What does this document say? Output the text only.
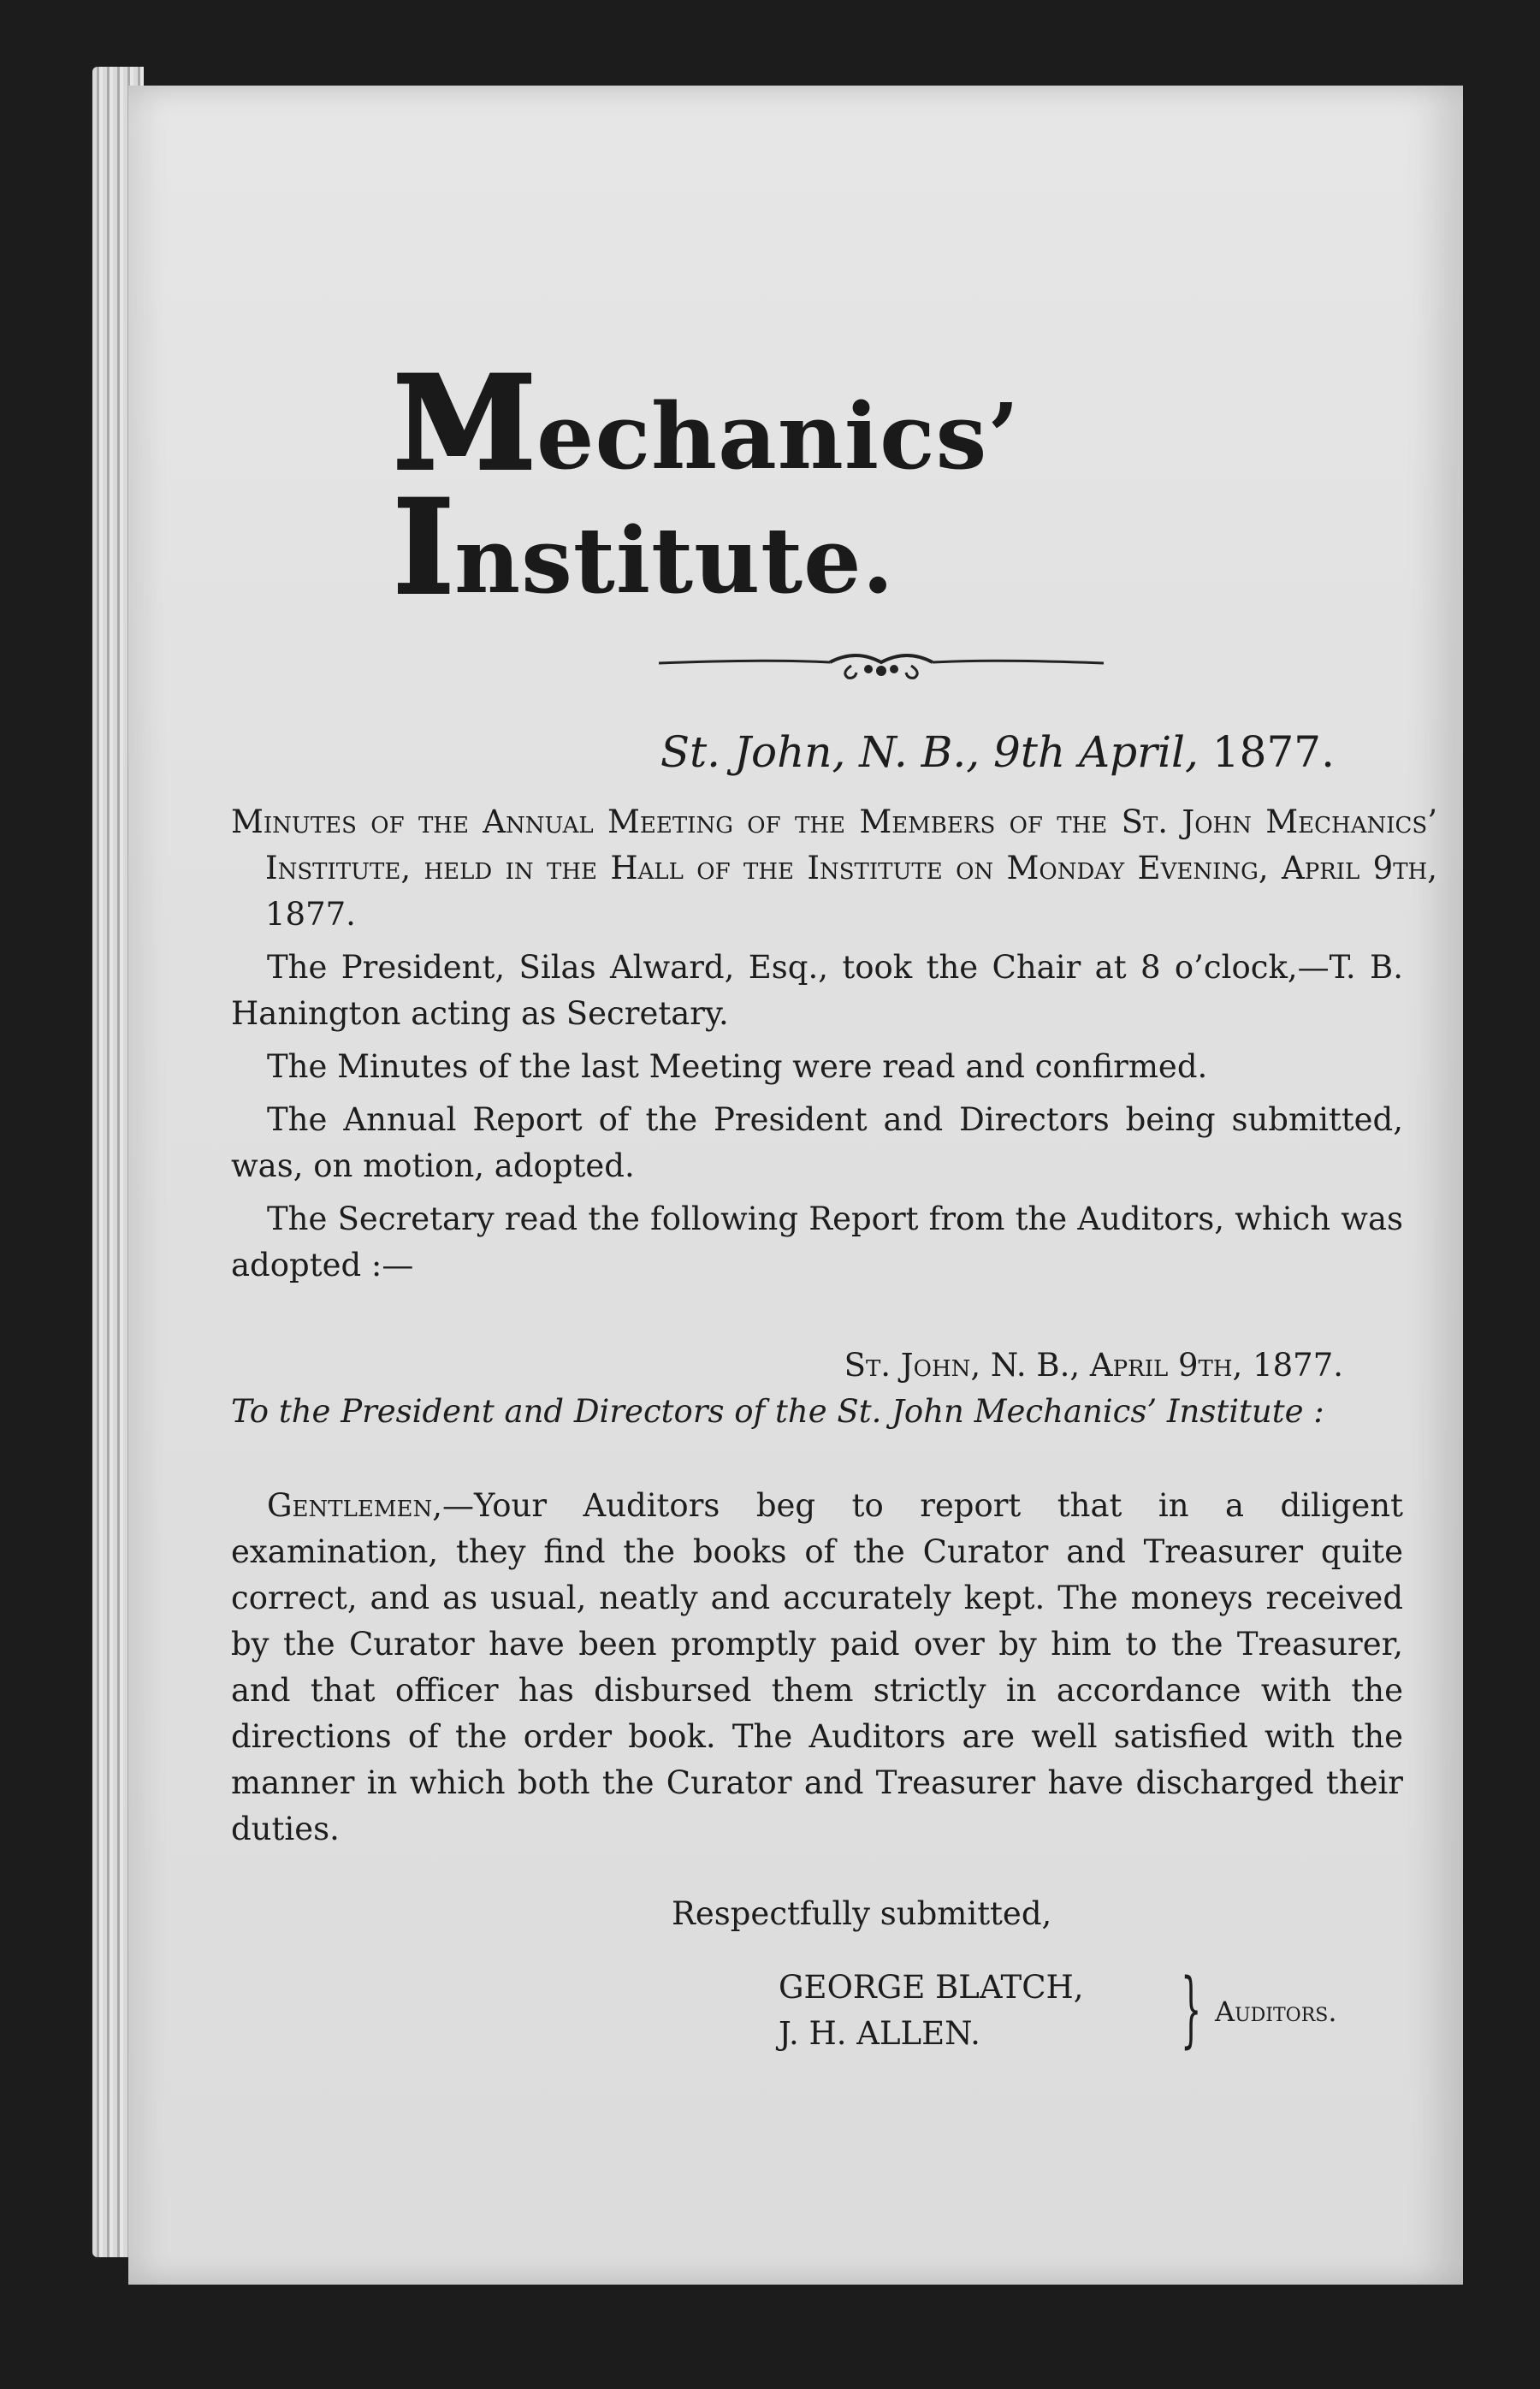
Mechanics’ Institute.
St. John, N. B., 9th April, 1877.

Minutes of the Annual Meeting of the Members of the St. John Mechanics’ Institute, held in the Hall of the Institute on Monday Evening, April 9th, 1877.

The President, Silas Alward, Esq., took the Chair at 8 o’clock,—T. B. Hanington acting as Secretary.

The Minutes of the last Meeting were read and confirmed.

The Annual Report of the President and Directors being submitted, was, on motion, adopted.

The Secretary read the following Report from the Auditors, which was adopted :—

St. John, N. B., April 9th, 1877.

To the President and Directors of the St. John Mechanics’ Institute :

Gentlemen,—Your Auditors beg to report that in a diligent examination, they find the books of the Curator and Treasurer quite correct, and as usual, neatly and accurately kept. The moneys received by the Curator have been promptly paid over by him to the Treasurer, and that officer has disbursed them strictly in accordance with the directions of the order book. The Auditors are well satisfied with the manner in which both the Curator and Treasurer have discharged their duties.

Respectfully submitted,

GEORGE BLATCH,
J. H. ALLEN.	} Auditors.
